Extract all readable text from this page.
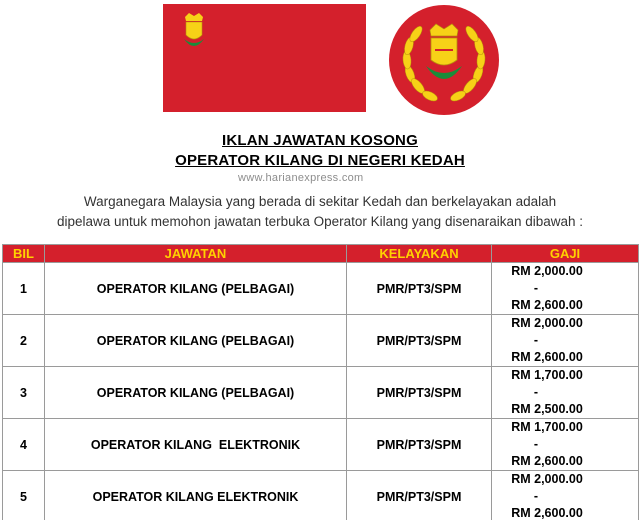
IKLAN JAWATAN KOSONG
OPERATOR KILANG DI NEGERI KEDAH
www.harianexpress.com
Warganegara Malaysia yang berada di sekitar Kedah dan berkelayakan adalah
dipelawa untuk memohon jawatan terbuka Operator Kilang yang disenaraikan dibawah :
BIL	JAWATAN	KELAYAKAN	GAJI
1	OPERATOR KILANG (PELBAGAI)	PMR/PT3/SPM	RM 2,000.00
-
RM 2,600.00

2	OPERATOR KILANG (PELBAGAI)	PMR/PT3/SPM	RM 2,000.00
-
RM 2,600.00

3	OPERATOR KILANG (PELBAGAI)	PMR/PT3/SPM	RM 1,700.00
-
RM 2,500.00

4	OPERATOR KILANG  ELEKTRONIK	PMR/PT3/SPM	RM 1,700.00
-
RM 2,600.00

5	OPERATOR KILANG ELEKTRONIK	PMR/PT3/SPM	RM 2,000.00
-
RM 2,600.00
